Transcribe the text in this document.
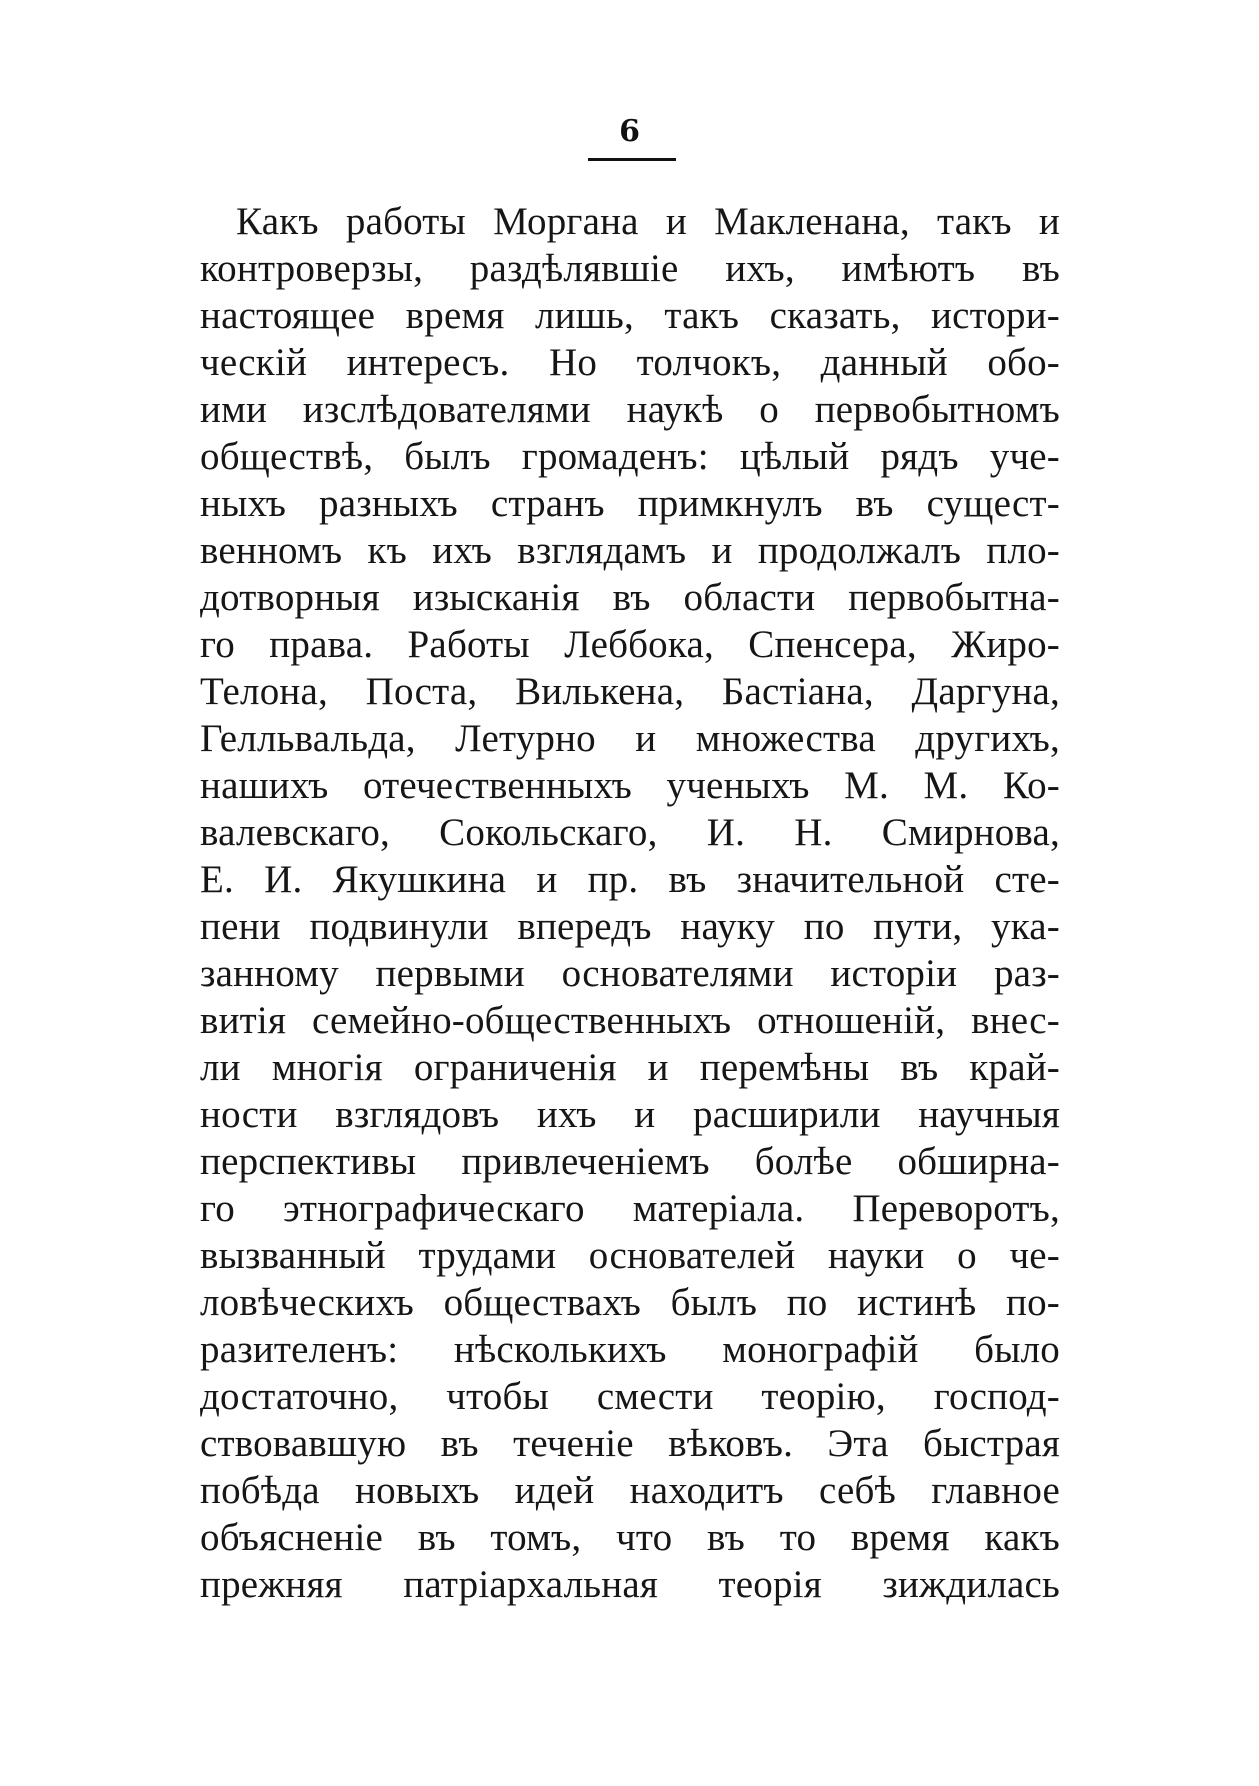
6
Какъ работы Моргана и Макленана, такъ и
контроверзы, раздѣлявшіе ихъ, имѣютъ въ
настоящее время лишь, такъ сказать, истори-
ческій интересъ. Но толчокъ, данный обо-
ими изслѣдователями наукѣ о первобытномъ
обществѣ, былъ громаденъ: цѣлый рядъ уче-
ныхъ разныхъ странъ примкнулъ въ сущест-
венномъ къ ихъ взглядамъ и продолжалъ пло-
дотворныя изысканія въ области первобытна-
го права. Работы Леббока, Спенсера, Жиро-
Телона, Поста, Вилькена, Бастіана, Даргуна,
Гелльвальда, Летурно и множества другихъ,
нашихъ отечественныхъ ученыхъ М. М. Ко-
валевскаго, Сокольскаго, И. Н. Смирнова,
Е. И. Якушкина и пр. въ значительной сте-
пени подвинули впередъ науку по пути, ука-
занному первыми основателями исторіи раз-
витія семейно-общественныхъ отношеній, внес-
ли многія ограниченія и перемѣны въ край-
ности взглядовъ ихъ и расширили научныя
перспективы привлеченіемъ болѣе обширна-
го этнографическаго матеріала. Переворотъ,
вызванный трудами основателей науки о че-
ловѣческихъ обществахъ былъ по истинѣ по-
разителенъ: нѣсколькихъ монографій было
достаточно, чтобы смести теорію, господ-
ствовавшую въ теченіе вѣковъ. Эта быстрая
побѣда новыхъ идей находитъ себѣ главное
объясненіе въ томъ, что въ то время какъ
прежняя патріархальная теорія зиждилась
